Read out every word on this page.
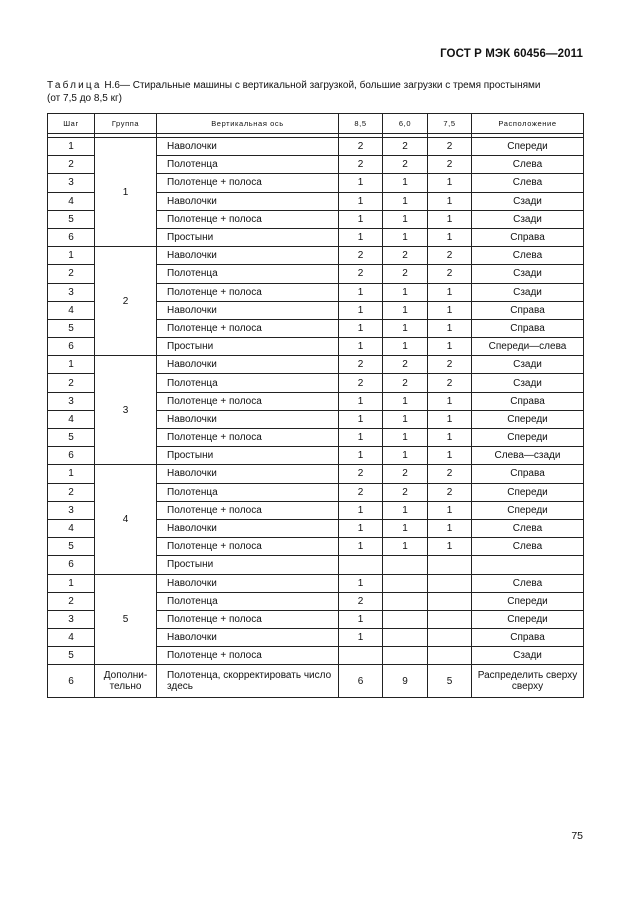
ГОСТ Р МЭК 60456—2011
Таблица Н.6— Стиральные машины с вертикальной загрузкой, большие загрузки с тремя простынями
(от 7,5 до 8,5 кг)
Шаг	Группа	Вертикальная ось	8,5	6,0	7,5	Расположение

1	1	Наволочки	2	2	2	Спереди
2		Полотенца	2	2	2	Слева
3		Полотенце + полоса	1	1	1	Слева
4		Наволочки	1	1	1	Сзади
5		Полотенце + полоса	1	1	1	Сзади
6		Простыни	1	1	1	Справа
1	2	Наволочки	2	2	2	Слева
2		Полотенца	2	2	2	Сзади
3		Полотенце + полоса	1	1	1	Сзади
4		Наволочки	1	1	1	Справа
5		Полотенце + полоса	1	1	1	Справа
6		Простыни	1	1	1	Спереди—слева
1	3	Наволочки	2	2	2	Сзади
2		Полотенца	2	2	2	Сзади
3		Полотенце + полоса	1	1	1	Справа
4		Наволочки	1	1	1	Спереди
5		Полотенце + полоса	1	1	1	Спереди
6		Простыни	1	1	1	Слева—сзади
1	4	Наволочки	2	2	2	Справа
2		Полотенца	2	2	2	Спереди
3		Полотенце + полоса	1	1	1	Спереди
4		Наволочки	1	1	1	Слева
5		Полотенце + полоса	1	1	1	Слева
6		Простыни				
1	5	Наволочки	1			Слева
2		Полотенца	2			Спереди
3		Полотенце + полоса	1			Спереди
4		Наволочки	1			Справа
5		Полотенце + полоса				Сзади
6	Дополни-тельно	Полотенца, скорректировать число здесь	6	9	5	Распределить сверху сверху
75
